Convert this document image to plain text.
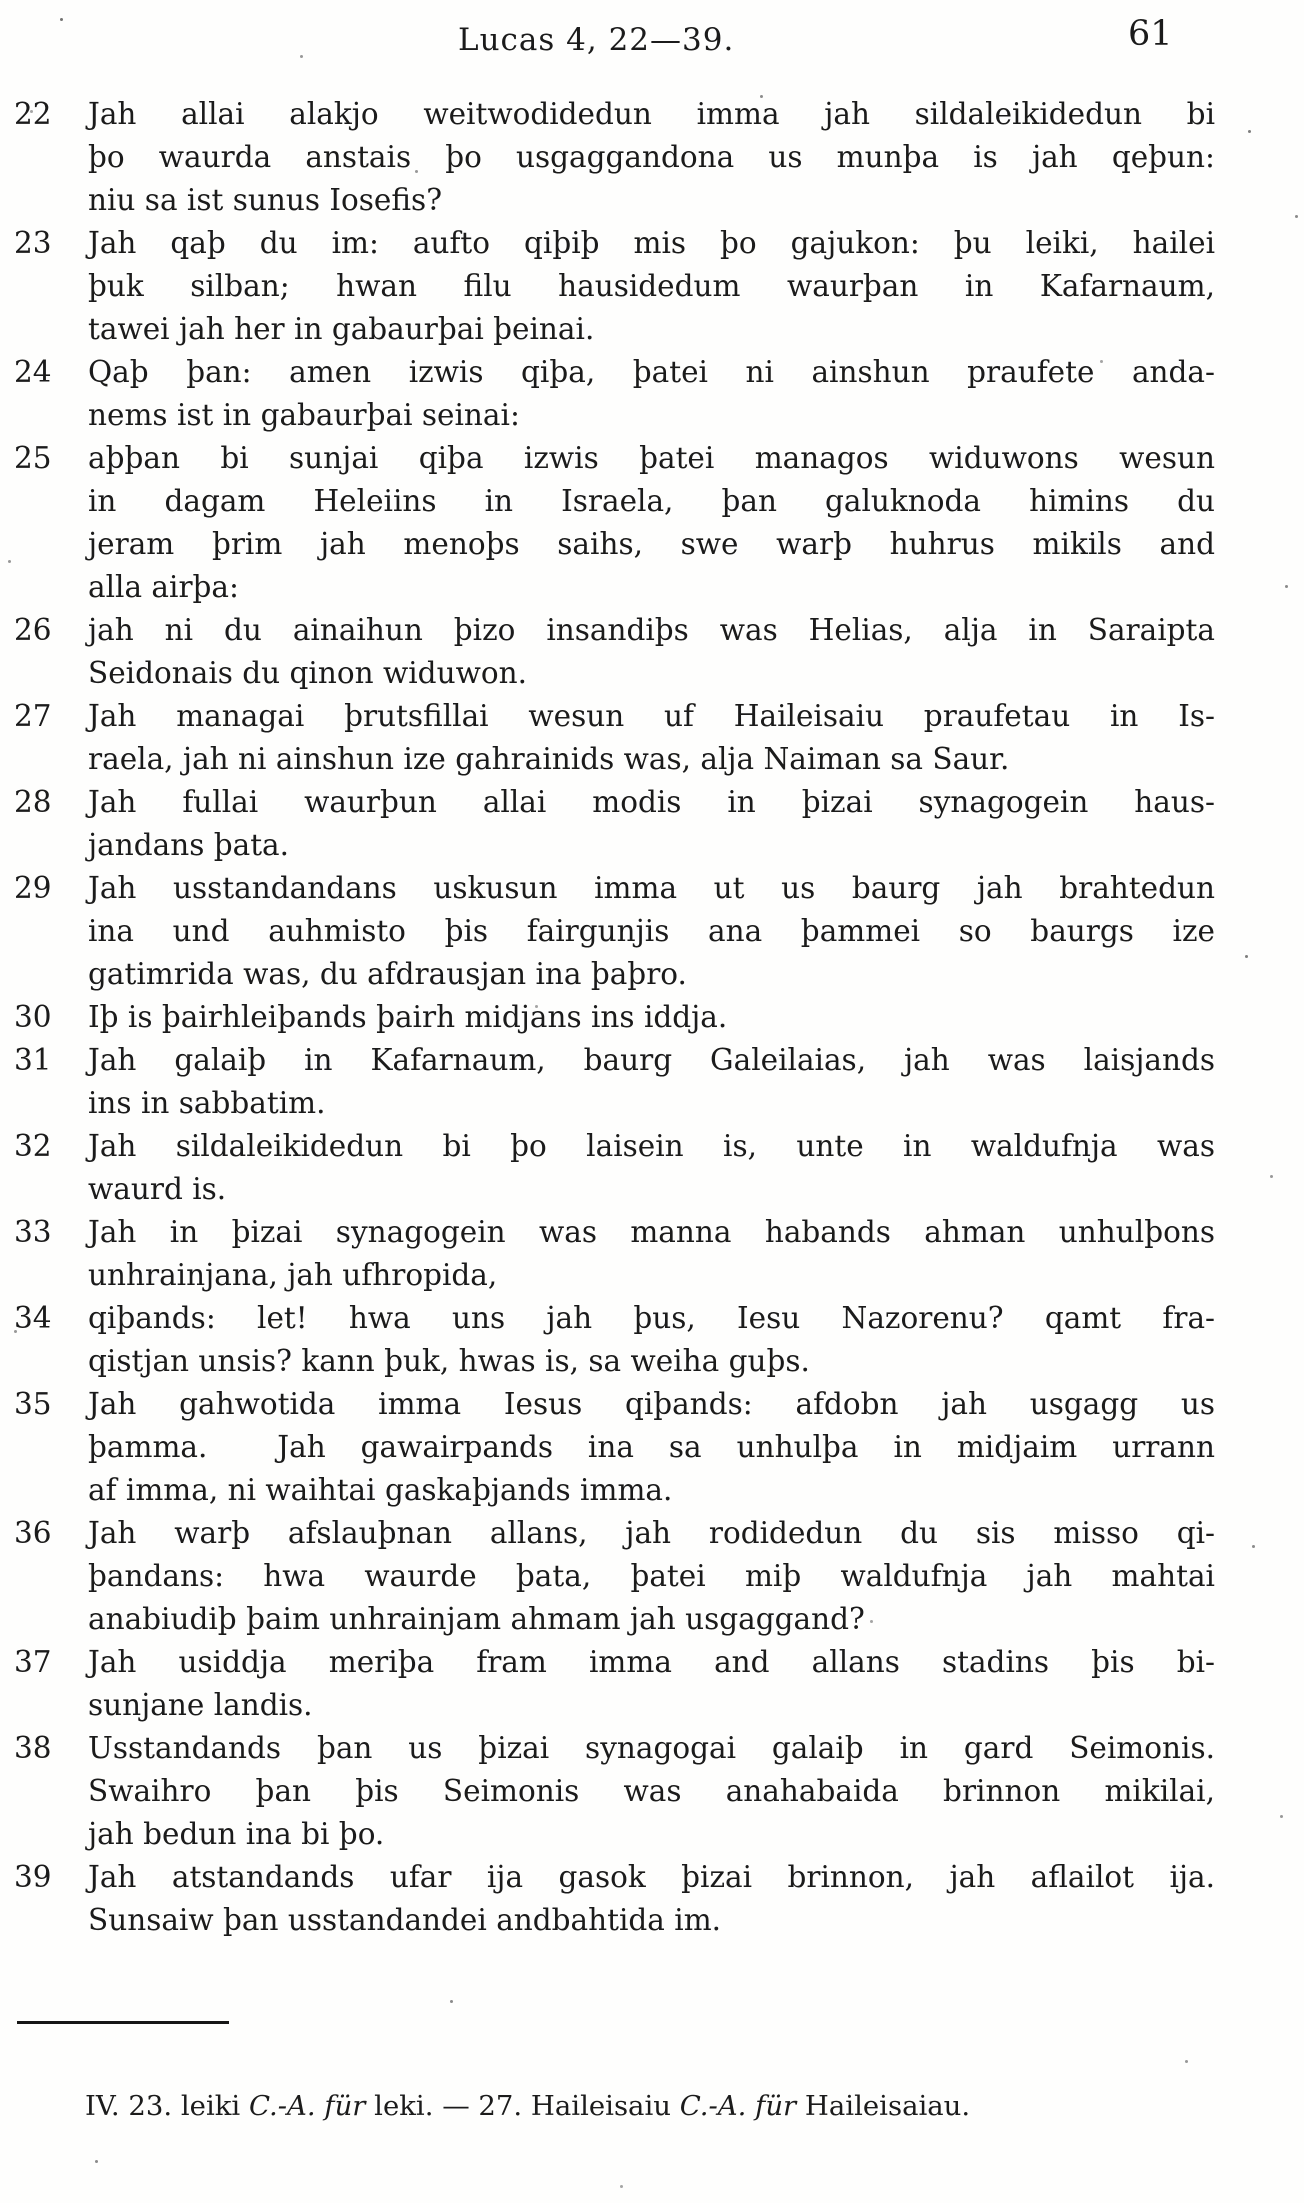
Lucas 4, 22—39.	61
22	Jah allai alakjo weitwodidedun imma jah sildaleikidedun bi
þo waurda anstais þo usgaggandona us munþa is jah qeþun:
niu sa ist sunus Iosefis?
23	Jah qaþ du im: aufto qiþiþ mis þo gajukon: þu leiki, hailei
þuk silban; hwan filu hausidedum waurþan in Kafarnaum,
tawei jah her in gabaurþai þeinai.
24	Qaþ þan: amen izwis qiþa, þatei ni ainshun praufete anda-
nems ist in gabaurþai seinai:
25	aþþan bi sunjai qiþa izwis þatei managos widuwons wesun
in dagam Heleiins in Israela, þan galuknoda himins du
jeram þrim jah menoþs saihs, swe warþ huhrus mikils and
alla airþa:
26	jah ni du ainaihun þizo insandiþs was Helias, alja in Saraipta
Seidonais du qinon widuwon.
27	Jah managai þrutsfillai wesun uf Haileisaiu praufetau in Is-
raela, jah ni ainshun ize gahrainids was, alja Naiman sa Saur.
28	Jah fullai waurþun allai modis in þizai synagogein haus-
jandans þata.
29	Jah usstandandans uskusun imma ut us baurg jah brahtedun
ina und auhmisto þis fairgunjis ana þammei so baurgs ize
gatimrida was, du afdrausjan ina þaþro.
30	Iþ is þairhleiþands þairh midjans ins iddja.
31	Jah galaiþ in Kafarnaum, baurg Galeilaias, jah was laisjands
ins in sabbatim.
32	Jah sildaleikidedun bi þo laisein is, unte in waldufnja was
waurd is.
33	Jah in þizai synagogein was manna habands ahman unhulþons
unhrainjana, jah ufhropida,
34	qiþands: let! hwa uns jah þus, Iesu Nazorenu? qamt fra-
qistjan unsis? kann þuk, hwas is, sa weiha guþs.
35	Jah gahwotida imma Iesus qiþands: afdobn jah usgagg us
þamma.  Jah gawairpands ina sa unhulþa in midjaim urrann
af imma, ni waihtai gaskaþjands imma.
36	Jah warþ afslauþnan allans, jah rodidedun du sis misso qi-
þandans: hwa waurde þata, þatei miþ waldufnja jah mahtai
anabiudiþ þaim unhrainjam ahmam jah usgaggand?
37	Jah usiddja meriþa fram imma and allans stadins þis bi-
sunjane landis.
38	Usstandands þan us þizai synagogai galaiþ in gard Seimonis.
Swaihro þan þis Seimonis was anahabaida brinnon mikilai,
jah bedun ina bi þo.
39	Jah atstandands ufar ija gasok þizai brinnon, jah aflailot ija.
Sunsaiw þan usstandandei andbahtida im.
IV. 23. leiki C.-A. für leki. — 27. Haileisaiu C.-A. für Haileisaiau.
